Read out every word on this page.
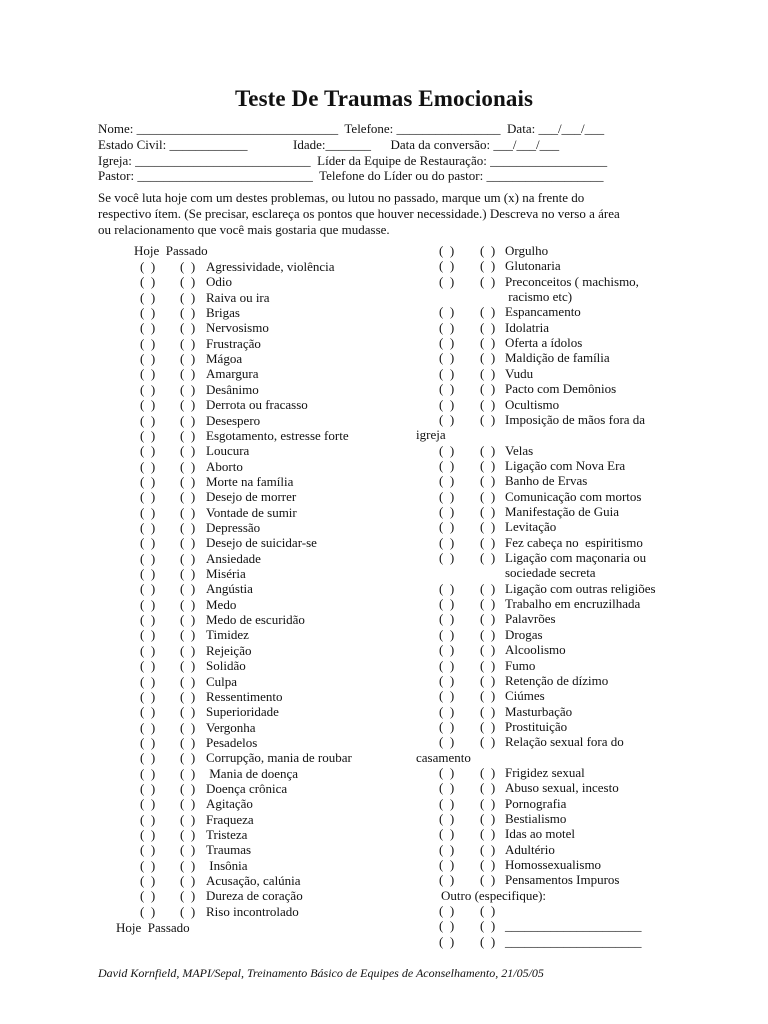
Teste De Traumas Emocionais
Nome: _______________________________  Telefone: ________________  Data: ___/___/___
Estado Civil: ____________              Idade:_______      Data da conversão: ___/___/___
Igreja: ___________________________  Líder da Equipe de Restauração: __________________
Pastor: ___________________________  Telefone do Líder ou do pastor: __________________
Se você luta hoje com um destes problemas, ou lutou no passado, marque um (x) na frente do
respectivo ítem. (Se precisar, esclareça os pontos que houver necessidade.) Descreva no verso a área
ou relacionamento que você mais gostaria que mudasse.
Hoje  Passado
(  ) (  ) Agressividade, violência
(  ) (  ) Odio
(  ) (  ) Raiva ou ira
(  ) (  ) Brigas
(  ) (  ) Nervosismo
(  ) (  ) Frustração
(  ) (  ) Mágoa
(  ) (  ) Amargura
(  ) (  ) Desânimo
(  ) (  ) Derrota ou fracasso
(  ) (  ) Desespero
(  ) (  ) Esgotamento, estresse forte
(  ) (  ) Loucura
(  ) (  ) Aborto
(  ) (  ) Morte na família
(  ) (  ) Desejo de morrer
(  ) (  ) Vontade de sumir
(  ) (  ) Depressão
(  ) (  ) Desejo de suicidar-se
(  ) (  ) Ansiedade
(  ) (  ) Miséria
(  ) (  ) Angústia
(  ) (  ) Medo
(  ) (  ) Medo de escuridão
(  ) (  ) Timidez
(  ) (  ) Rejeição
(  ) (  ) Solidão
(  ) (  ) Culpa
(  ) (  ) Ressentimento
(  ) (  ) Superioridade
(  ) (  ) Vergonha
(  ) (  ) Pesadelos
(  ) (  ) Corrupção, mania de roubar
(  ) (  ) Mania de doença
(  ) (  ) Doença crônica
(  ) (  ) Agitação
(  ) (  ) Fraqueza
(  ) (  ) Tristeza
(  ) (  ) Traumas
(  ) (  ) Insônia
(  ) (  ) Acusação, calúnia
(  ) (  ) Dureza de coração
(  ) (  ) Riso incontrolado
Hoje  Passado
(  ) (  ) Orgulho
(  ) (  ) Glutonaria
(  ) (  ) Preconceitos ( machismo,
racismo etc)
(  ) (  ) Espancamento
(  ) (  ) Idolatria
(  ) (  ) Oferta a ídolos
(  ) (  ) Maldição de família
(  ) (  ) Vudu
(  ) (  ) Pacto com Demônios
(  ) (  ) Ocultismo
(  ) (  ) Imposição de mãos fora da
igreja
(  ) (  ) Velas
(  ) (  ) Ligação com Nova Era
(  ) (  ) Banho de Ervas
(  ) (  ) Comunicação com mortos
(  ) (  ) Manifestação de Guia
(  ) (  ) Levitação
(  ) (  ) Fez cabeça no  espiritismo
(  ) (  ) Ligação com maçonaria ou
sociedade secreta
(  ) (  ) Ligação com outras religiões
(  ) (  ) Trabalho em encruzilhada
(  ) (  ) Palavrões
(  ) (  ) Drogas
(  ) (  ) Alcoolismo
(  ) (  ) Fumo
(  ) (  ) Retenção de dízimo
(  ) (  ) Ciúmes
(  ) (  ) Masturbação
(  ) (  ) Prostituição
(  ) (  ) Relação sexual fora do
casamento
(  ) (  ) Frigidez sexual
(  ) (  ) Abuso sexual, incesto
(  ) (  ) Pornografia
(  ) (  ) Bestialismo
(  ) (  ) Idas ao motel
(  ) (  ) Adultério
(  ) (  ) Homossexualismo
(  ) (  ) Pensamentos Impuros
Outro (especifique):
(  ) (  )
(  ) (  ) _____________________
(  ) (  ) _____________________
David Kornfield, MAPI/Sepal, Treinamento Básico de Equipes de Aconselhamento, 21/05/05
